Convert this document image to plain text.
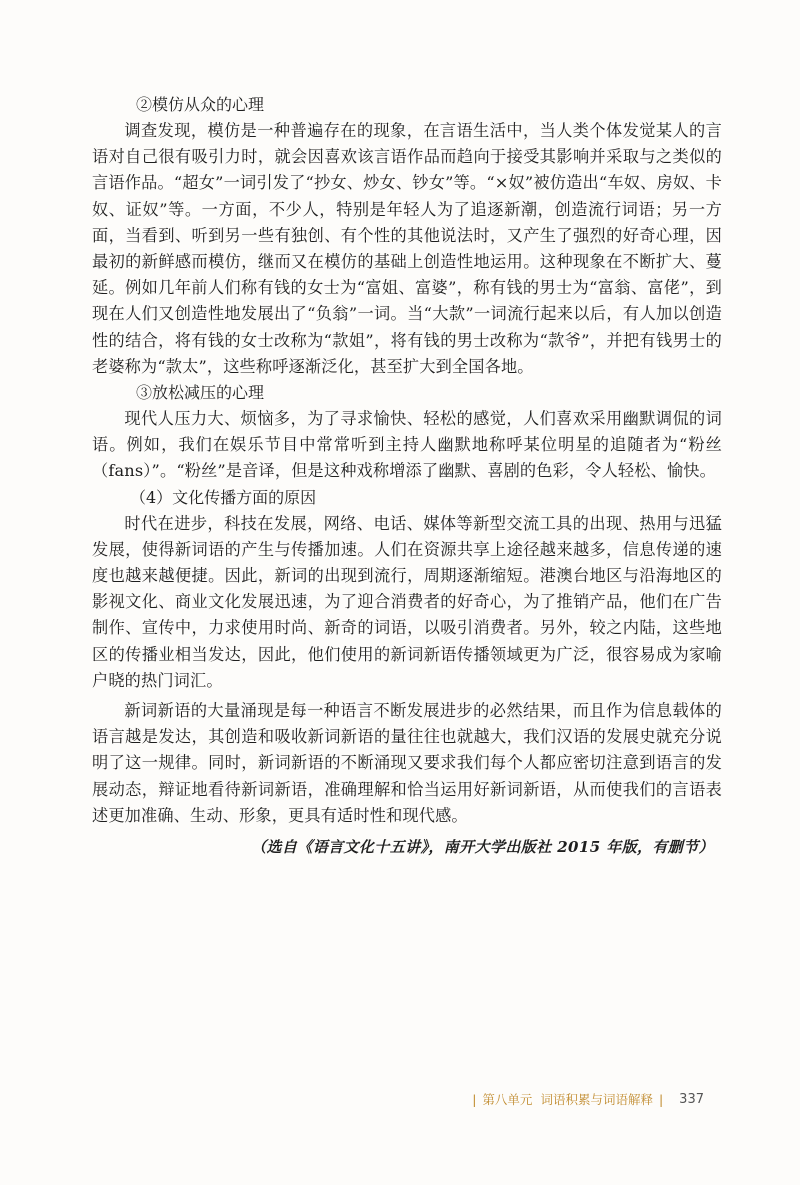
②模仿从众的心理

调查发现，模仿是一种普遍存在的现象，在言语生活中，当人类个体发觉某人的言语对自己很有吸引力时，就会因喜欢该言语作品而趋向于接受其影响并采取与之类似的言语作品。“超女”一词引发了“抄女、炒女、钞女”等。“×奴”被仿造出“车奴、房奴、卡奴、证奴”等。一方面，不少人，特别是年轻人为了追逐新潮，创造流行词语；另一方面，当看到、听到另一些有独创、有个性的其他说法时，又产生了强烈的好奇心理，因最初的新鲜感而模仿，继而又在模仿的基础上创造性地运用。这种现象在不断扩大、蔓延。例如几年前人们称有钱的女士为“富姐、富婆”，称有钱的男士为“富翁、富佬”，到现在人们又创造性地发展出了“负翁”一词。当“大款”一词流行起来以后，有人加以创造性的结合，将有钱的女士改称为“款姐”，将有钱的男士改称为“款爷”，并把有钱男士的老婆称为“款太”，这些称呼逐渐泛化，甚至扩大到全国各地。

③放松减压的心理

现代人压力大、烦恼多，为了寻求愉快、轻松的感觉，人们喜欢采用幽默调侃的词语。例如，我们在娱乐节目中常常听到主持人幽默地称呼某位明星的追随者为“粉丝（fans）”。“粉丝”是音译，但是这种戏称增添了幽默、喜剧的色彩，令人轻松、愉快。

（4）文化传播方面的原因

时代在进步，科技在发展，网络、电话、媒体等新型交流工具的出现、热用与迅猛发展，使得新词语的产生与传播加速。人们在资源共享上途径越来越多，信息传递的速度也越来越便捷。因此，新词的出现到流行，周期逐渐缩短。港澳台地区与沿海地区的影视文化、商业文化发展迅速，为了迎合消费者的好奇心，为了推销产品，他们在广告制作、宣传中，力求使用时尚、新奇的词语，以吸引消费者。另外，较之内陆，这些地区的传播业相当发达，因此，他们使用的新词新语传播领域更为广泛，很容易成为家喻户晓的热门词汇。

新词新语的大量涌现是每一种语言不断发展进步的必然结果，而且作为信息载体的语言越是发达，其创造和吸收新词新语的量往往也就越大，我们汉语的发展史就充分说明了这一规律。同时，新词新语的不断涌现又要求我们每个人都应密切注意到语言的发展动态，辩证地看待新词新语，准确理解和恰当运用好新词新语，从而使我们的言语表述更加准确、生动、形象，更具有适时性和现代感。

（选自《语言文化十五讲》，南开大学出版社 2015 年版，有删节）

| 第八单元 词语积累与词语解释 | 337
